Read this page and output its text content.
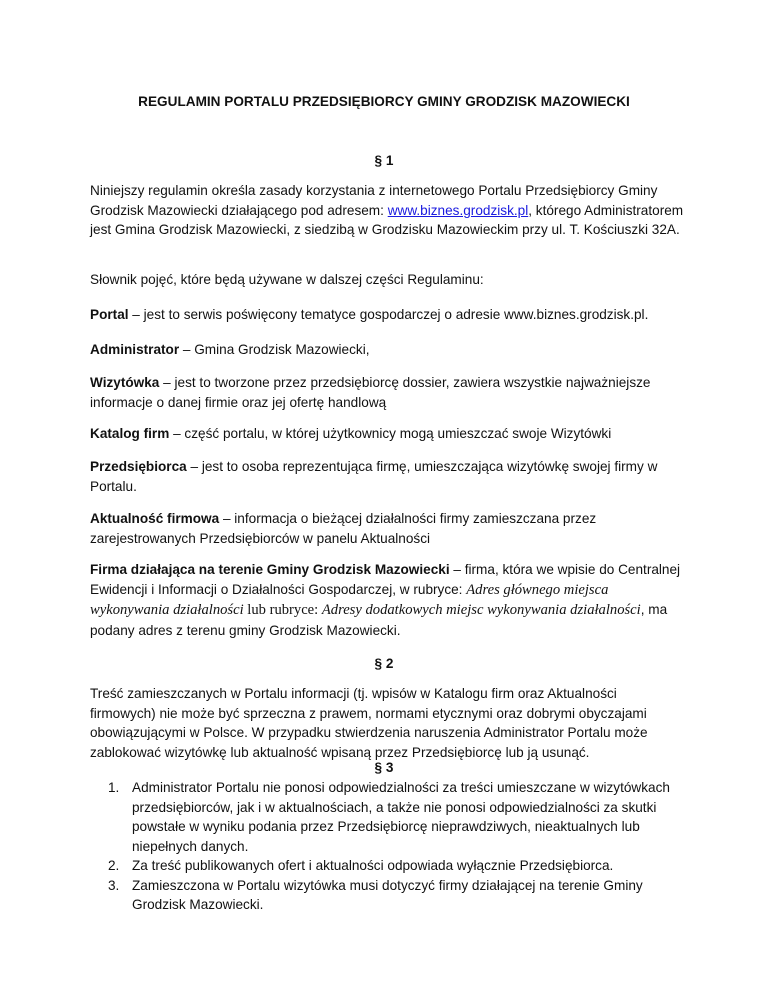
REGULAMIN PORTALU PRZEDSIĘBIORCY GMINY GRODZISK MAZOWIECKI
§ 1

Niniejszy regulamin określa zasady korzystania z internetowego Portalu Przedsiębiorcy Gminy Grodzisk Mazowiecki działającego pod adresem: www.biznes.grodzisk.pl, którego Administratorem jest Gmina Grodzisk Mazowiecki, z siedzibą w Grodzisku Mazowieckim przy ul. T. Kościuszki 32A.

Słownik pojęć, które będą używane w dalszej części Regulaminu:

Portal – jest to serwis poświęcony tematyce gospodarczej o adresie www.biznes.grodzisk.pl.

Administrator – Gmina Grodzisk Mazowiecki,

Wizytówka – jest to tworzone przez przedsiębiorcę dossier, zawiera wszystkie najważniejsze informacje o danej firmie oraz jej ofertę handlową

Katalog firm – część portalu, w której użytkownicy mogą umieszczać swoje Wizytówki

Przedsiębiorca – jest to osoba reprezentująca firmę, umieszczająca wizytówkę swojej firmy w Portalu.

Aktualność firmowa – informacja o bieżącej działalności firmy zamieszczana przez zarejestrowanych Przedsiębiorców w panelu Aktualności

Firma działająca na terenie Gminy Grodzisk Mazowiecki – firma, która we wpisie do Centralnej Ewidencji i Informacji o Działalności Gospodarczej, w rubryce: Adres głównego miejsca wykonywania działalności lub rubryce: Adresy dodatkowych miejsc wykonywania działalności, ma podany adres z terenu gminy Grodzisk Mazowiecki.

§ 2

Treść zamieszczanych w Portalu informacji (tj. wpisów w Katalogu firm oraz Aktualności firmowych) nie może być sprzeczna z prawem, normami etycznymi oraz dobrymi obyczajami obowiązującymi w Polsce. W przypadku stwierdzenia naruszenia Administrator Portalu może zablokować wizytówkę lub aktualność wpisaną przez Przedsiębiorcę lub ją usunąć.

§ 3
1. Administrator Portalu nie ponosi odpowiedzialności za treści umieszczane w wizytówkach przedsiębiorców, jak i w aktualnościach, a także nie ponosi odpowiedzialności za skutki powstałe w wyniku podania przez Przedsiębiorcę nieprawdziwych, nieaktualnych lub niepełnych danych.
2. Za treść publikowanych ofert i aktualności odpowiada wyłącznie Przedsiębiorca.
3. Zamieszczona w Portalu wizytówka musi dotyczyć firmy działającej na terenie Gminy Grodzisk Mazowiecki.
